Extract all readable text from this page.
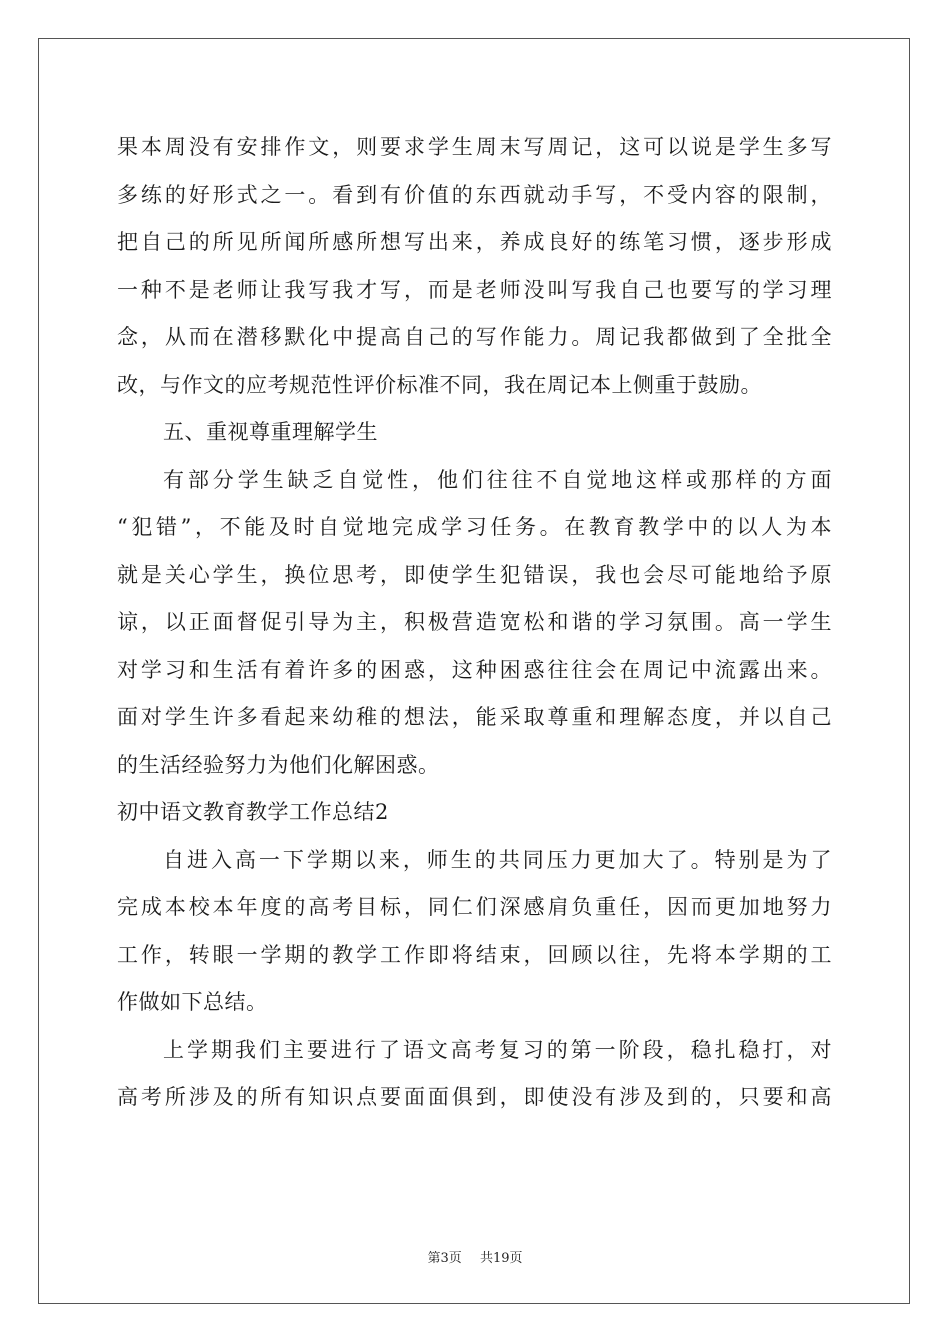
果本周没有安排作文，则要求学生周末写周记，这可以说是学生多写
多练的好形式之一。看到有价值的东西就动手写，不受内容的限制，
把自己的所见所闻所感所想写出来，养成良好的练笔习惯，逐步形成
一种不是老师让我写我才写，而是老师没叫写我自己也要写的学习理
念，从而在潜移默化中提高自己的写作能力。周记我都做到了全批全
改，与作文的应考规范性评价标准不同，我在周记本上侧重于鼓励。
五、重视尊重理解学生
有部分学生缺乏自觉性，他们往往不自觉地这样或那样的方面
“犯错”，不能及时自觉地完成学习任务。在教育教学中的以人为本
就是关心学生，换位思考，即使学生犯错误，我也会尽可能地给予原
谅，以正面督促引导为主，积极营造宽松和谐的学习氛围。高一学生
对学习和生活有着许多的困惑，这种困惑往往会在周记中流露出来。
面对学生许多看起来幼稚的想法，能采取尊重和理解态度，并以自己
的生活经验努力为他们化解困惑。
初中语文教育教学工作总结2
自进入高一下学期以来，师生的共同压力更加大了。特别是为了
完成本校本年度的高考目标，同仁们深感肩负重任，因而更加地努力
工作，转眼一学期的教学工作即将结束，回顾以往，先将本学期的工
作做如下总结。
上学期我们主要进行了语文高考复习的第一阶段，稳扎稳打，对
高考所涉及的所有知识点要面面俱到，即使没有涉及到的，只要和高
第3页 共19页
